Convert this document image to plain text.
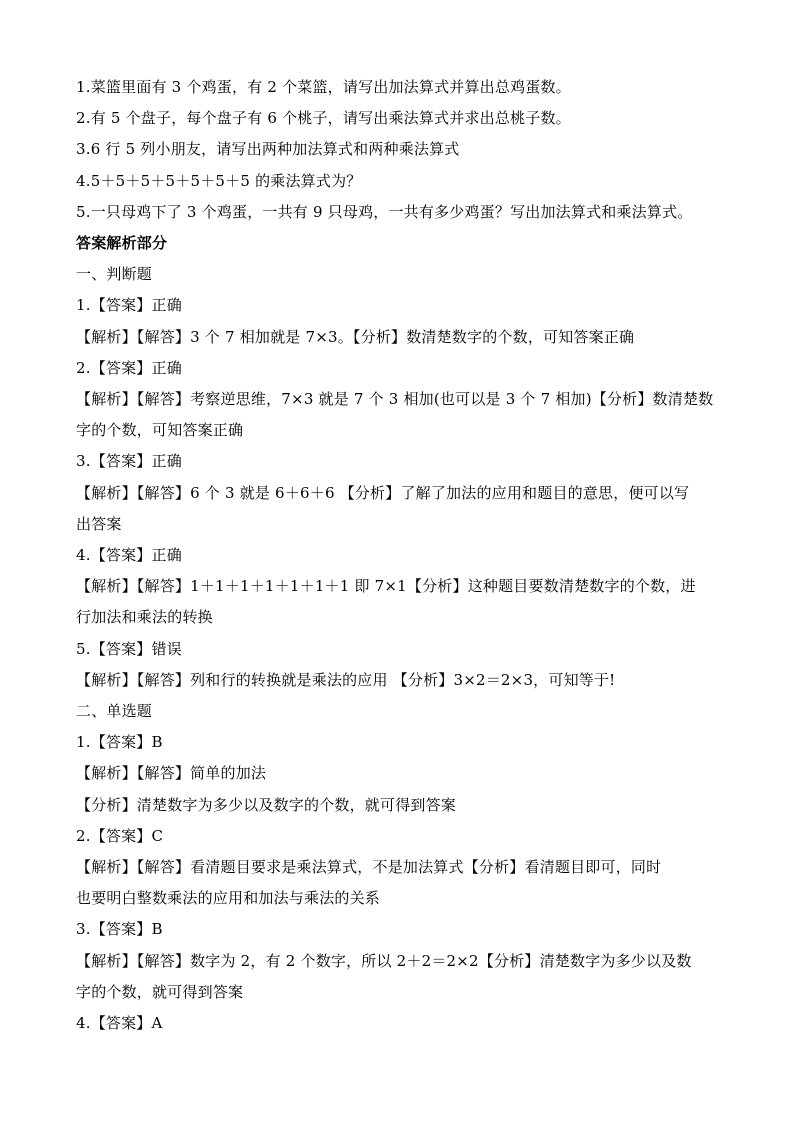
1.菜篮里面有 3 个鸡蛋，有 2 个菜篮，请写出加法算式并算出总鸡蛋数。

2.有 5 个盘子，每个盘子有 6 个桃子，请写出乘法算式并求出总桃子数。

3.6 行 5 列小朋友，请写出两种加法算式和两种乘法算式

4.5＋5＋5＋5＋5＋5＋5 的乘法算式为？

5.一只母鸡下了 3 个鸡蛋，一共有 9 只母鸡，一共有多少鸡蛋？写出加法算式和乘法算式。

答案解析部分

一、判断题

1.【答案】正确

【解析】【解答】3 个 7 相加就是 7×3。【分析】数清楚数字的个数，可知答案正确

2.【答案】正确

【解析】【解答】考察逆思维，7×3 就是 7 个 3 相加(也可以是 3 个 7 相加)【分析】数清楚数

字的个数，可知答案正确

3.【答案】正确

【解析】【解答】6 个 3 就是 6＋6＋6 【分析】了解了加法的应用和题目的意思，便可以写

出答案

4.【答案】正确

【解析】【解答】1＋1＋1＋1＋1＋1＋1 即 7×1【分析】这种题目要数清楚数字的个数，进

行加法和乘法的转换

5.【答案】错误

【解析】【解答】列和行的转换就是乘法的应用 【分析】3×2＝2×3，可知等于!

二、单选题

1.【答案】B

【解析】【解答】简单的加法

【分析】清楚数字为多少以及数字的个数，就可得到答案

2.【答案】C

【解析】【解答】看清题目要求是乘法算式，不是加法算式【分析】看清题目即可，同时

也要明白整数乘法的应用和加法与乘法的关系

3.【答案】B

【解析】【解答】数字为 2，有 2 个数字，所以 2＋2＝2×2【分析】清楚数字为多少以及数

字的个数，就可得到答案

4.【答案】A
